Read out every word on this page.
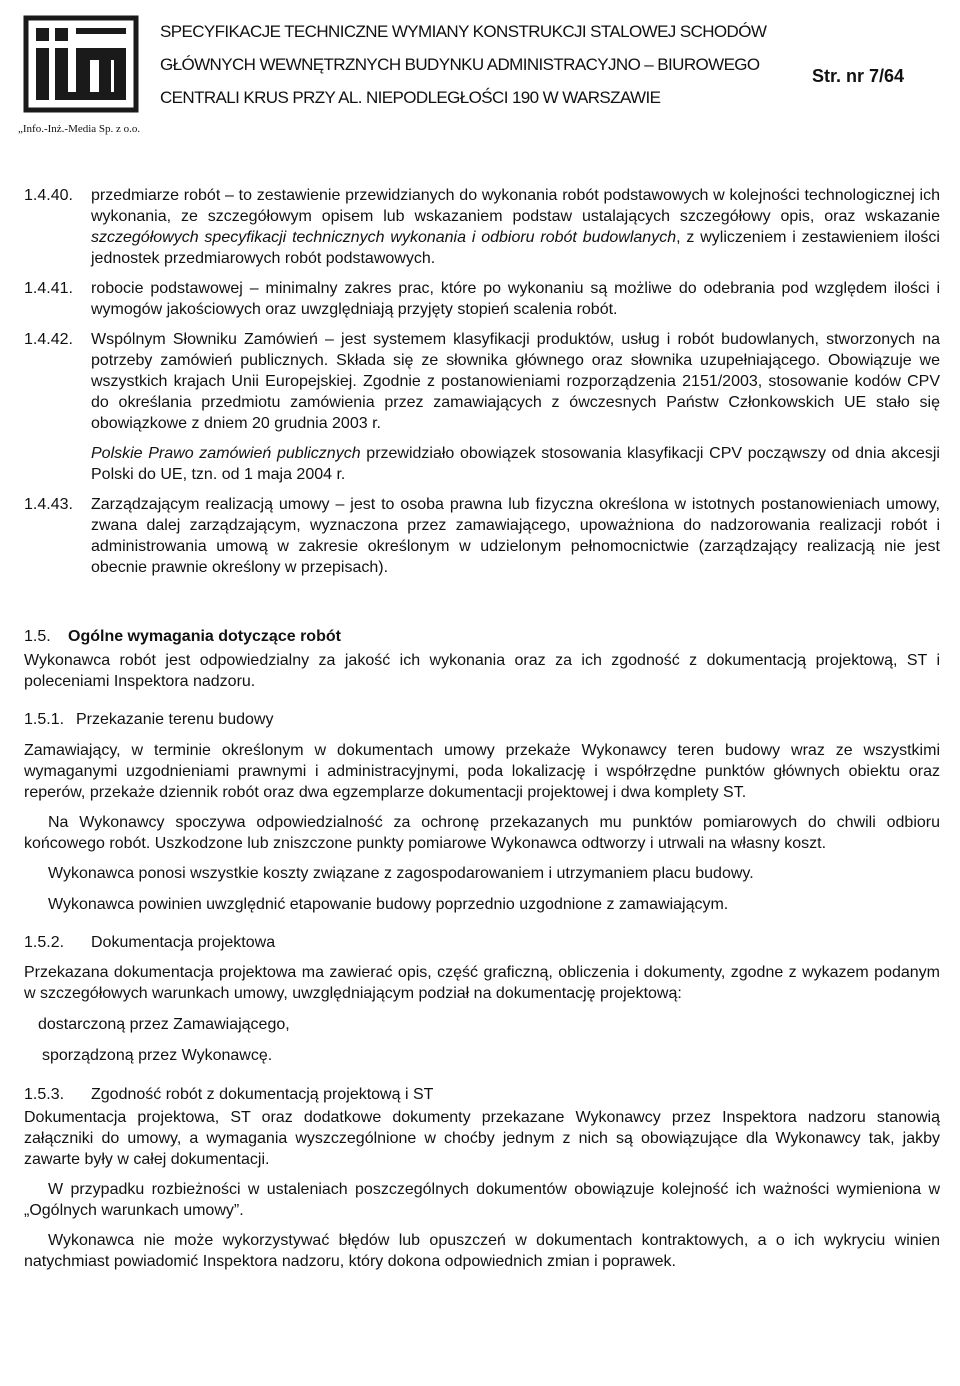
„Info.-Inż.-Media Sp. z o.o.
SPECYFIKACJE TECHNICZNE WYMIANY KONSTRUKCJI STALOWEJ SCHODÓW
GŁÓWNYCH WEWNĘTRZNYCH BUDYNKU ADMINISTRACYJNO – BIUROWEGO
CENTRALI KRUS PRZY AL. NIEPODLEGŁOŚCI 190 W WARSZAWIE
Str. nr 7/64
1.4.40.	przedmiarze robót – to zestawienie przewidzianych do wykonania robót podstawowych w kolejności technologicznej ich wykonania, ze szczegółowym opisem lub wskazaniem podstaw ustalających szczegółowy opis, oraz wskazanie szczegółowych specyfikacji technicznych wykonania i odbioru robót budowlanych, z wyliczeniem i zestawieniem ilości jednostek przedmiarowych robót podstawowych.
1.4.41.	robocie podstawowej – minimalny zakres prac, które po wykonaniu są możliwe do odebrania pod względem ilości i wymogów jakościowych oraz uwzględniają przyjęty stopień scalenia robót.
1.4.42.	Wspólnym Słowniku Zamówień – jest systemem klasyfikacji produktów, usług i robót budowlanych, stworzonych na potrzeby zamówień publicznych. Składa się ze słownika głównego oraz słownika uzupełniającego. Obowiązuje we wszystkich krajach Unii Europejskiej. Zgodnie z postanowieniami rozporządzenia 2151/2003, stosowanie kodów CPV do określania przedmiotu zamówienia przez zamawiających z ówczesnych Państw Członkowskich UE stało się obowiązkowe z dniem 20 grudnia 2003 r.

Polskie Prawo zamówień publicznych przewidziało obowiązek stosowania klasyfikacji CPV począwszy od dnia akcesji Polski do UE, tzn. od 1 maja 2004 r.

1.4.43.	Zarządzającym realizacją umowy – jest to osoba prawna lub fizyczna określona w istotnych postanowieniach umowy, zwana dalej zarządzającym, wyznaczona przez zamawiającego, upoważniona do nadzorowania realizacji robót i administrowania umową w zakresie określonym w udzielonym pełnomocnictwie (zarządzający realizacją nie jest obecnie prawnie określony w przepisach).
1.5.	Ogólne wymagania dotyczące robót

Wykonawca robót jest odpowiedzialny za jakość ich wykonania oraz za ich zgodność z dokumentacją projektową, ST i poleceniami Inspektora nadzoru.

1.5.1. Przekazanie terenu budowy

Zamawiający, w terminie określonym w dokumentach umowy przekaże Wykonawcy teren budowy wraz ze wszystkimi wymaganymi uzgodnieniami prawnymi i administracyjnymi, poda lokalizację i współrzędne punktów głównych obiektu oraz reperów, przekaże dziennik robót oraz dwa egzemplarze dokumentacji projektowej i dwa komplety ST.

Na Wykonawcy spoczywa odpowiedzialność za ochronę przekazanych mu punktów pomiarowych do chwili odbioru końcowego robót. Uszkodzone lub zniszczone punkty pomiarowe Wykonawca odtworzy i utrwali na własny koszt.

Wykonawca ponosi wszystkie koszty związane z zagospodarowaniem i utrzymaniem placu budowy.

Wykonawca powinien uwzględnić etapowanie budowy poprzednio uzgodnione z zamawiającym.

1.5.2.	Dokumentacja projektowa

Przekazana dokumentacja projektowa ma zawierać opis, część graficzną, obliczenia i dokumenty, zgodne z wykazem podanym w szczegółowych warunkach umowy, uwzględniającym podział na dokumentację projektową:

dostarczoną przez Zamawiającego,

sporządzoną przez Wykonawcę.

1.5.3.	Zgodność robót z dokumentacją projektową i ST

Dokumentacja projektowa, ST oraz dodatkowe dokumenty przekazane Wykonawcy przez Inspektora nadzoru stanowią załączniki do umowy, a wymagania wyszczególnione w choćby jednym z nich są obowiązujące dla Wykonawcy tak, jakby zawarte były w całej dokumentacji.

W przypadku rozbieżności w ustaleniach poszczególnych dokumentów obowiązuje kolejność ich ważności wymieniona w „Ogólnych warunkach umowy”.

Wykonawca nie może wykorzystywać błędów lub opuszczeń w dokumentach kontraktowych, a o ich wykryciu winien natychmiast powiadomić Inspektora nadzoru, który dokona odpowiednich zmian i poprawek.
